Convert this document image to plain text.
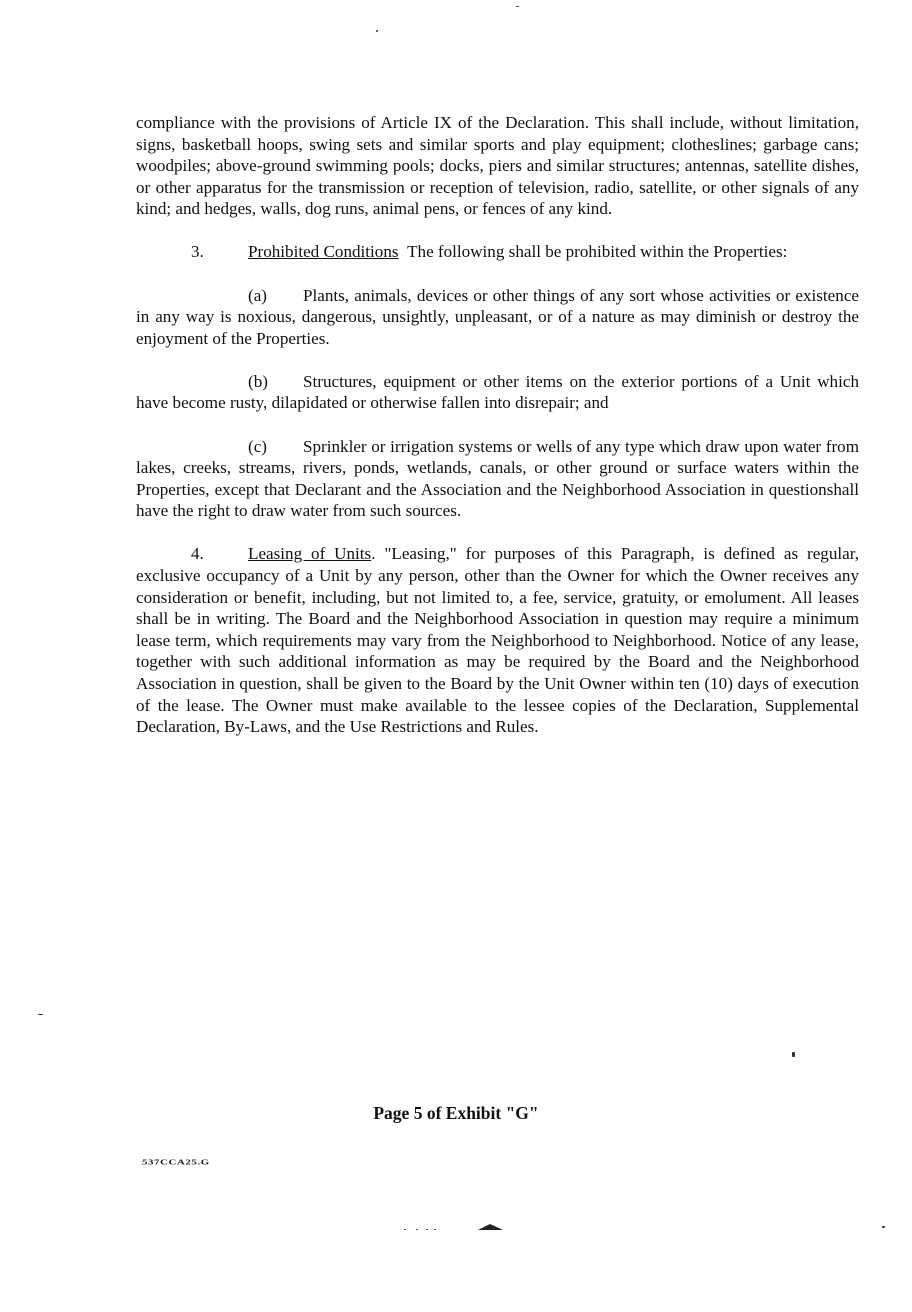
compliance with the provisions of Article IX of the Declaration. This shall include, without limitation, signs, basketball hoops, swing sets and similar sports and play equipment; clotheslines; garbage cans; woodpiles; above-ground swimming pools; docks, piers and similar structures; antennas, satellite dishes, or other apparatus for the transmission or reception of television, radio, satellite, or other signals of any kind; and hedges, walls, dog runs, animal pens, or fences of any kind.

3.	Prohibited Conditions The following shall be prohibited within the Properties:

(a) Plants, animals, devices or other things of any sort whose activities or existence in any way is noxious, dangerous, unsightly, unpleasant, or of a nature as may diminish or destroy the enjoyment of the Properties.

(b) Structures, equipment or other items on the exterior portions of a Unit which have become rusty, dilapidated or otherwise fallen into disrepair; and

(c) Sprinkler or irrigation systems or wells of any type which draw upon water from lakes, creeks, streams, rivers, ponds, wetlands, canals, or other ground or surface waters within the Properties, except that Declarant and the Association and the Neighborhood Association in questionshall have the right to draw water from such sources.

4.	Leasing of Units. "Leasing," for purposes of this Paragraph, is defined as regular, exclusive occupancy of a Unit by any person, other than the Owner for which the Owner receives any consideration or benefit, including, but not limited to, a fee, service, gratuity, or emolument. All leases shall be in writing. The Board and the Neighborhood Association in question may require a minimum lease term, which requirements may vary from the Neighborhood to Neighborhood. Notice of any lease, together with such additional information as may be required by the Board and the Neighborhood Association in question, shall be given to the Board by the Unit Owner within ten (10) days of execution of the lease. The Owner must make available to the lessee copies of the Declaration, Supplemental Declaration, By-Laws, and the Use Restrictions and Rules.

Page 5 of Exhibit "G"
537CCA25.G
